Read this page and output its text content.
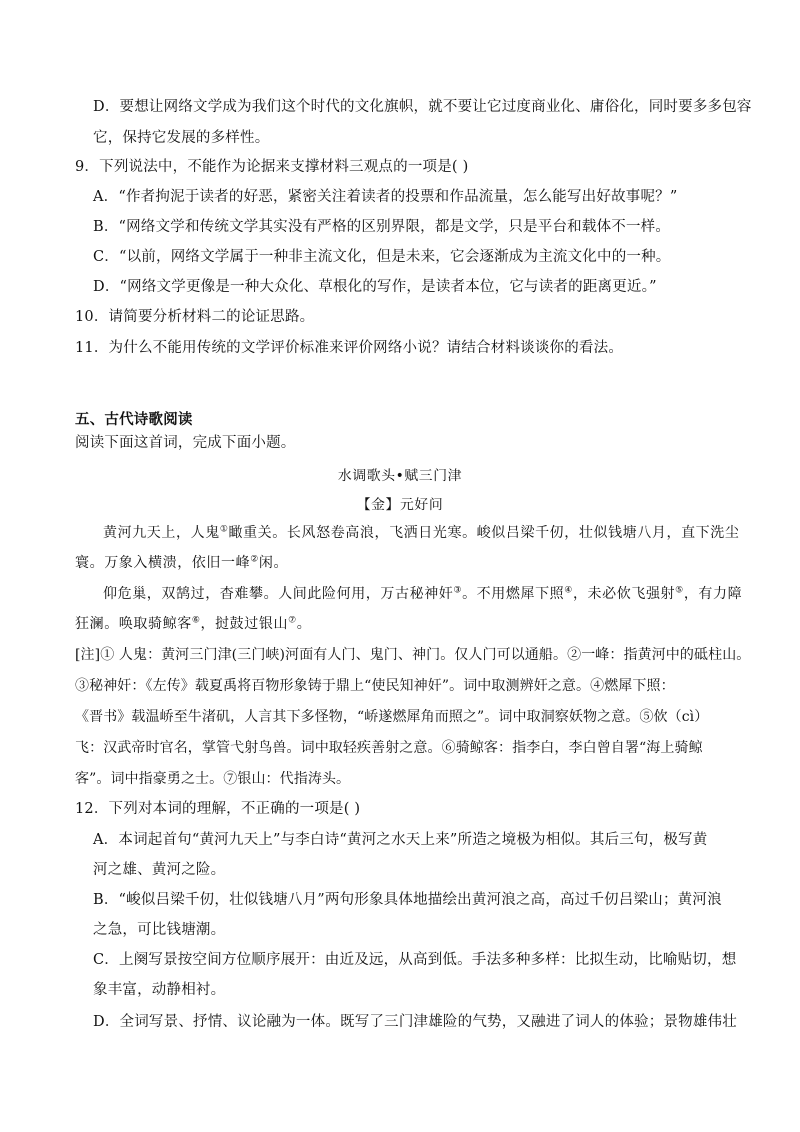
D．要想让网络文学成为我们这个时代的文化旗帜，就不要让它过度商业化、庸俗化，同时要多多包容
它，保持它发展的多样性。
9．下列说法中，不能作为论据来支撑材料三观点的一项是( )
A．“作者拘泥于读者的好恶，紧密关注着读者的投票和作品流量，怎么能写出好故事呢？”
B．“网络文学和传统文学其实没有严格的区别界限，都是文学，只是平台和载体不一样。
C．“以前，网络文学属于一种非主流文化，但是未来，它会逐渐成为主流文化中的一种。
D．“网络文学更像是一种大众化、草根化的写作，是读者本位，它与读者的距离更近。”
10．请简要分析材料二的论证思路。
11．为什么不能用传统的文学评价标准来评价网络小说？请结合材料谈谈你的看法。
五、古代诗歌阅读
阅读下面这首词，完成下面小题。
水调歌头•赋三门津
【金】元好问
黄河九天上，人鬼①瞰重关。长风怒卷高浪，飞洒日光寒。峻似吕梁千仞，壮似钱塘八月，直下洗尘
寰。万象入横溃，依旧一峰②闲。
仰危巢，双鹄过，杳难攀。人间此险何用，万古秘神奸③。不用燃犀下照④，未必佽飞强射⑤，有力障
狂澜。唤取骑鲸客⑥，挝鼓过银山⑦。
[注]① 人鬼：黄河三门津(三门峡)河面有人门、鬼门、神门。仅人门可以通船。②一峰：指黄河中的砥柱山。
③秘神奸：《左传》载夏禹将百物形象铸于鼎上“使民知神奸”。词中取测辨奸之意。④燃犀下照：
《晋书》载温峤至牛渚矶，人言其下多怪物，“峤遂燃犀角而照之”。词中取洞察妖物之意。⑤佽（cì）
飞：汉武帝时官名，掌管弋射鸟兽。词中取轻疾善射之意。⑥骑鲸客：指李白，李白曾自署“海上骑鲸
客”。词中指豪勇之士。⑦银山：代指涛头。
12．下列对本词的理解，不正确的一项是( )
A．本词起首句“黄河九天上”与李白诗“黄河之水天上来”所造之境极为相似。其后三句，极写黄
河之雄、黄河之险。
B．“峻似吕梁千仞，壮似钱塘八月”两句形象具体地描绘出黄河浪之高，高过千仞吕梁山；黄河浪
之急，可比钱塘潮。
C．上阕写景按空间方位顺序展开：由近及远，从高到低。手法多种多样：比拟生动，比喻贴切，想
象丰富，动静相衬。
D．全词写景、抒情、议论融为一体。既写了三门津雄险的气势，又融进了词人的体验；景物雄伟壮
